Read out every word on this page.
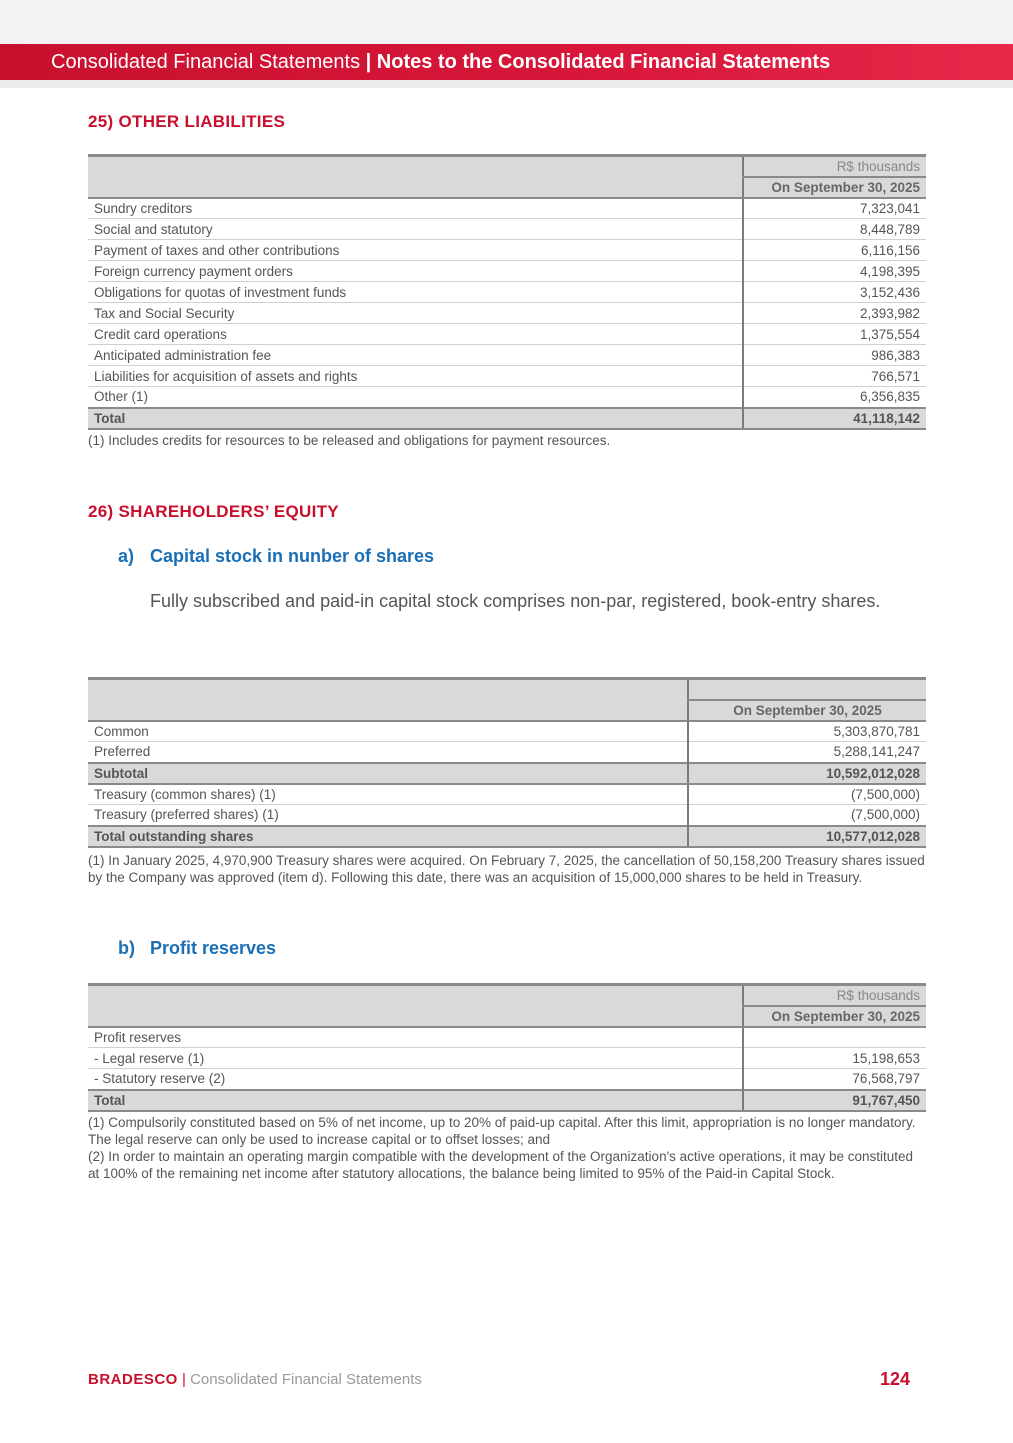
Consolidated Financial Statements | Notes to the Consolidated Financial Statements
25) OTHER LIABILITIES
	R$ thousands
	On September 30, 2025
Sundry creditors	7,323,041
Social and statutory	8,448,789
Payment of taxes and other contributions	6,116,156
Foreign currency payment orders	4,198,395
Obligations for quotas of investment funds	3,152,436
Tax and Social Security	2,393,982
Credit card operations	1,375,554
Anticipated administration fee	986,383
Liabilities for acquisition of assets and rights	766,571
Other (1)	6,356,835
Total	41,118,142
(1) Includes credits for resources to be released and obligations for payment resources.
26) SHAREHOLDERS’ EQUITY
a) Capital stock in nunber of shares
Fully subscribed and paid-in capital stock comprises non-par, registered, book-entry shares.

	On September 30, 2025
Common	5,303,870,781
Preferred	5,288,141,247
Subtotal	10,592,012,028
Treasury (common shares) (1)	(7,500,000)
Treasury (preferred shares) (1)	(7,500,000)
Total outstanding shares	10,577,012,028
(1) In January 2025, 4,970,900 Treasury shares were acquired. On February 7, 2025, the cancellation of 50,158,200 Treasury shares issued by the Company was approved (item d). Following this date, there was an acquisition of 15,000,000 shares to be held in Treasury.
b) Profit reserves
	R$ thousands
	On September 30, 2025
Profit reserves	
- Legal reserve (1)	15,198,653
- Statutory reserve (2)	76,568,797
Total	91,767,450
(1) Compulsorily constituted based on 5% of net income, up to 20% of paid-up capital. After this limit, appropriation is no longer mandatory. The legal reserve can only be used to increase capital or to offset losses; and
(2) In order to maintain an operating margin compatible with the development of the Organization's active operations, it may be constituted at 100% of the remaining net income after statutory allocations, the balance being limited to 95% of the Paid-in Capital Stock.
BRADESCO | Consolidated Financial Statements	124
